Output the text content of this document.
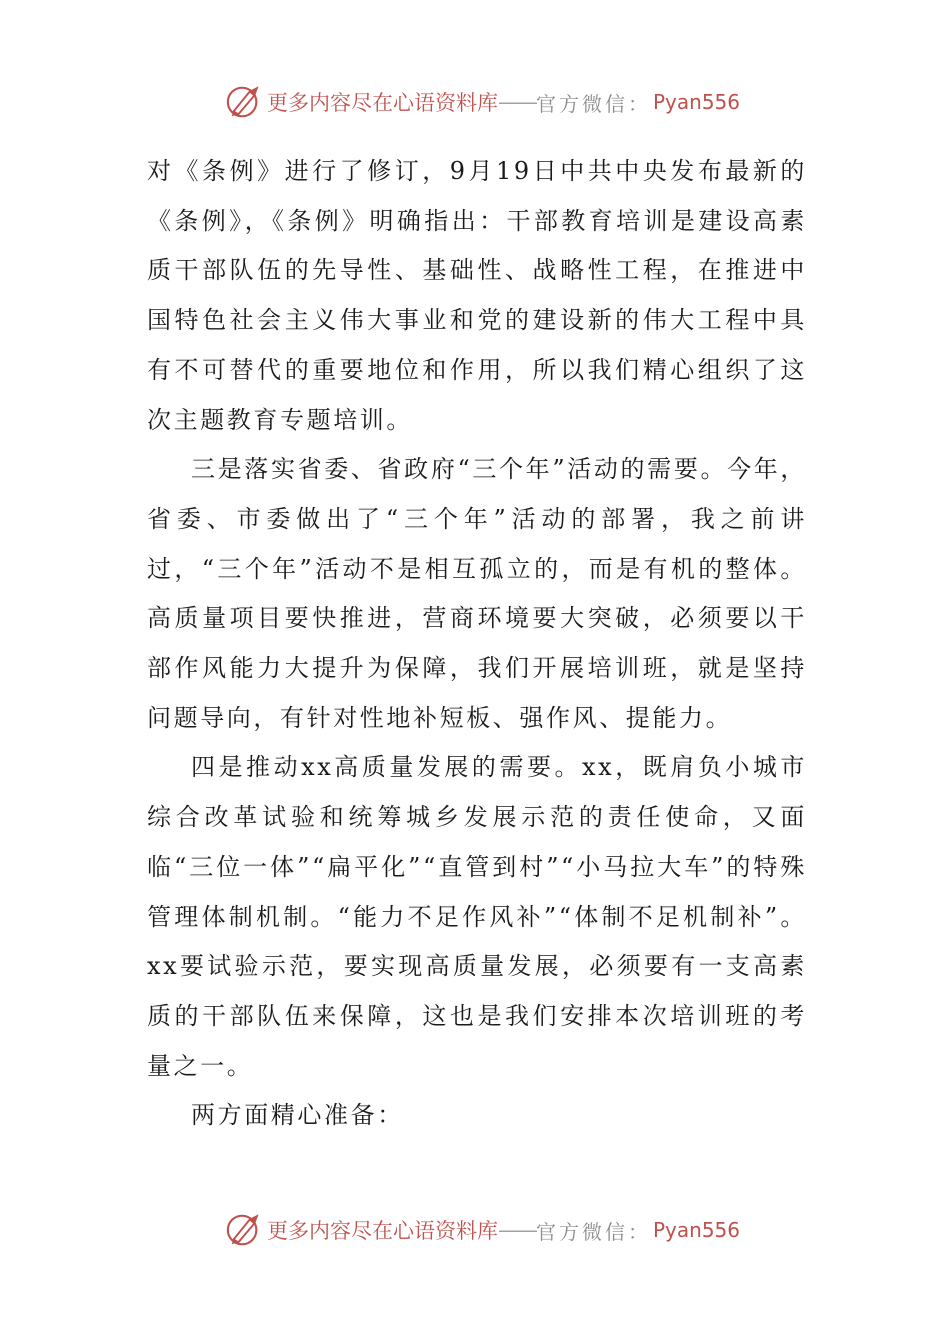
更多内容尽在心语资料库 —— 官方微信： Pyan556

对《条例》进行了修订，9月19日中共中央发布最新的《条例》，《条例》明确指出：干部教育培训是建设高素质干部队伍的先导性、基础性、战略性工程，在推进中国特色社会主义伟大事业和党的建设新的伟大工程中具有不可替代的重要地位和作用，所以我们精心组织了这次主题教育专题培训。

三是落实省委、省政府“三个年”活动的需要。今年，省委、市委做出了“三个年”活动的部署，我之前讲过，“三个年”活动不是相互孤立的，而是有机的整体。高质量项目要快推进，营商环境要大突破，必须要以干部作风能力大提升为保障，我们开展培训班，就是坚持问题导向，有针对性地补短板、强作风、提能力。

四是推动xx高质量发展的需要。xx，既肩负小城市综合改革试验和统筹城乡发展示范的责任使命，又面临“三位一体”“扁平化”“直管到村”“小马拉大车”的特殊管理体制机制。“能力不足作风补”“体制不足机制补”。xx要试验示范，要实现高质量发展，必须要有一支高素质的干部队伍来保障，这也是我们安排本次培训班的考量之一。

两方面精心准备：

更多内容尽在心语资料库 —— 官方微信： Pyan556
